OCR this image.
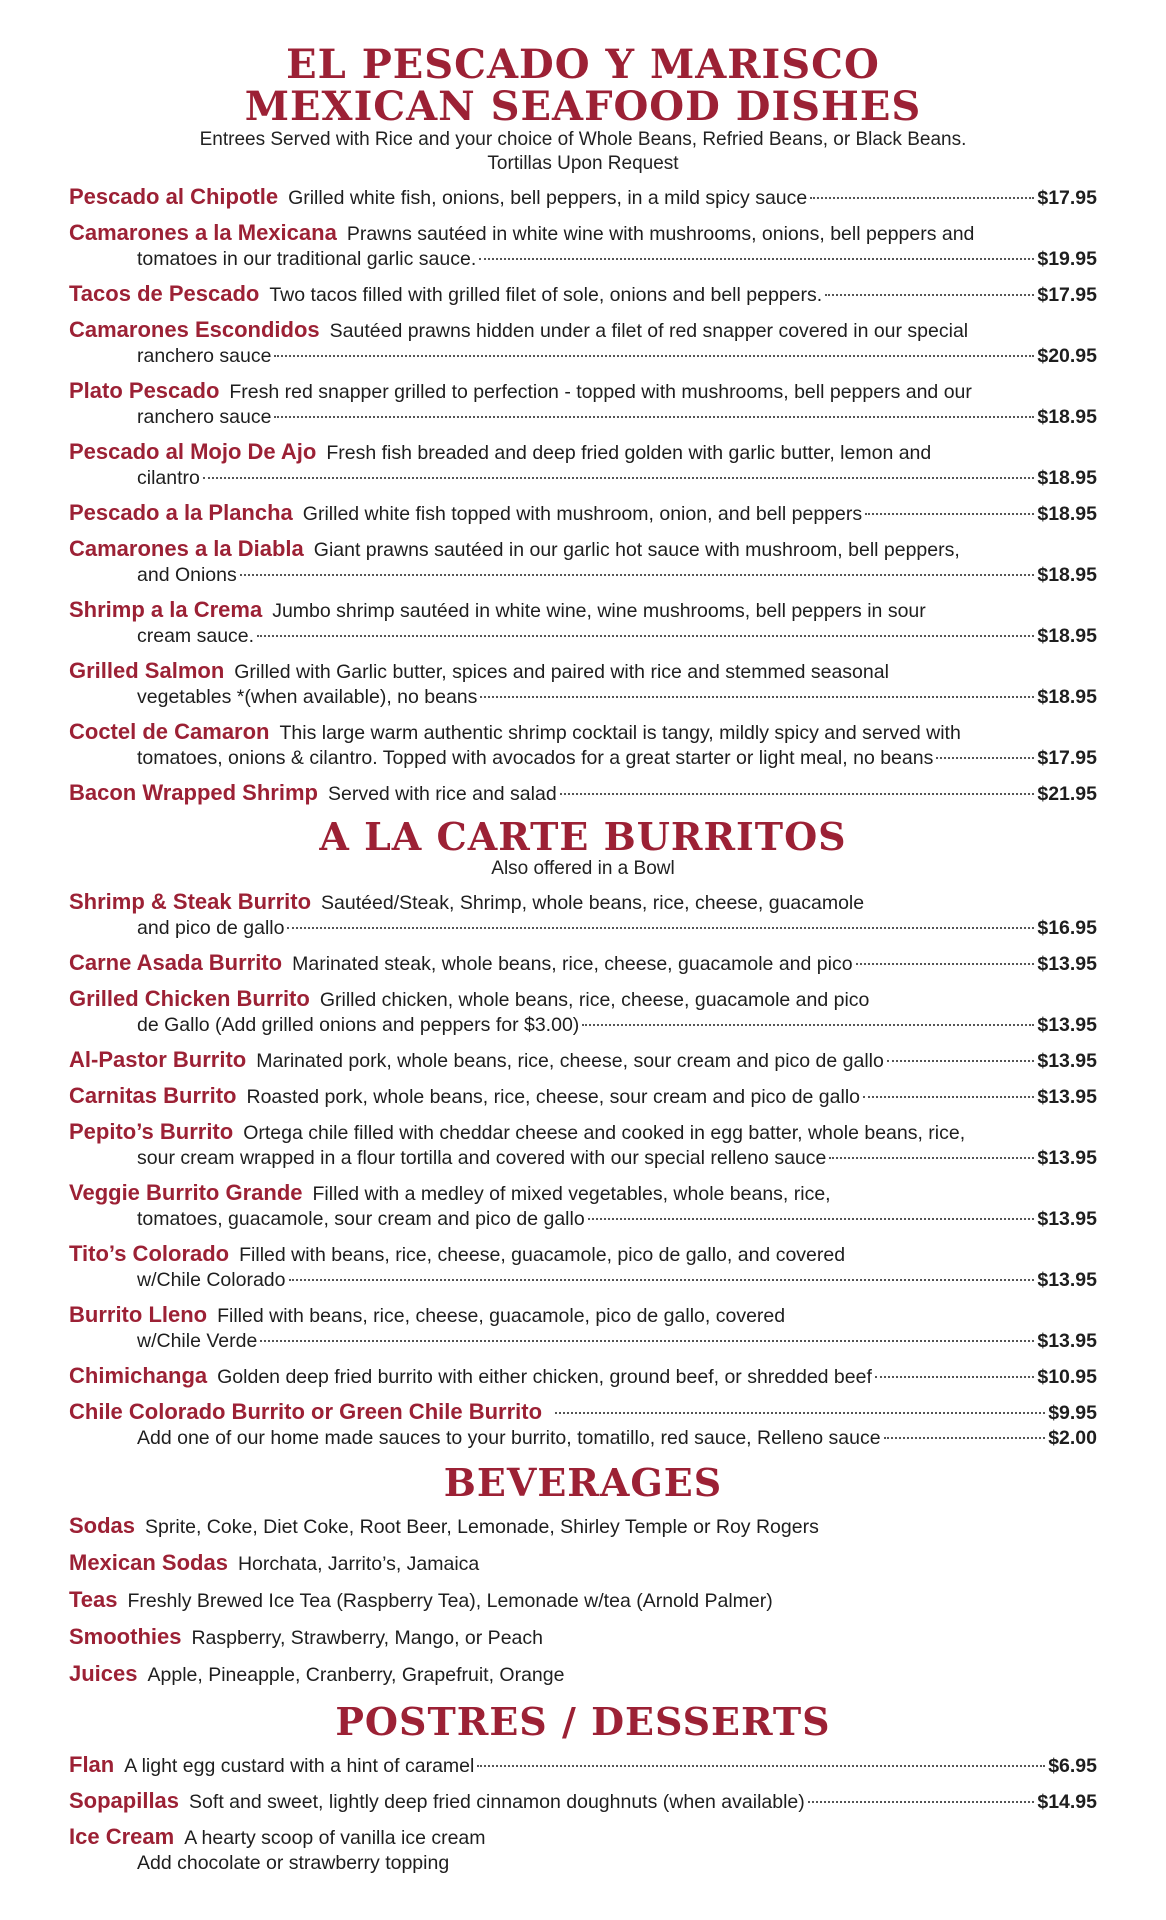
EL PESCADO Y MARISCO
MEXICAN SEAFOOD DISHES
Entrees Served with Rice and your choice of Whole Beans, Refried Beans, or Black Beans.
Tortillas Upon Request
Pescado al Chipotle Grilled white fish, onions, bell peppers, in a mild spicy sauce	$17.95
Camarones a la Mexicana Prawns sautéed in white wine with mushrooms, onions, bell peppers and
tomatoes in our traditional garlic sauce.	$19.95
Tacos de Pescado Two tacos filled with grilled filet of sole, onions and bell peppers.	$17.95
Camarones Escondidos Sautéed prawns hidden under a filet of red snapper covered in our special
ranchero sauce	$20.95
Plato Pescado Fresh red snapper grilled to perfection - topped with mushrooms, bell peppers and our
ranchero sauce	$18.95
Pescado al Mojo De Ajo Fresh fish breaded and deep fried golden with garlic butter, lemon and
cilantro	$18.95
Pescado a la Plancha Grilled white fish topped with mushroom, onion, and bell peppers	$18.95
Camarones a la Diabla Giant prawns sautéed in our garlic hot sauce with mushroom, bell peppers,
and Onions	$18.95
Shrimp a la Crema Jumbo shrimp sautéed in white wine, wine mushrooms, bell peppers in sour
cream sauce.	$18.95
Grilled Salmon Grilled with Garlic butter, spices and paired with rice and stemmed seasonal
vegetables *(when available), no beans	$18.95
Coctel de Camaron This large warm authentic shrimp cocktail is tangy, mildly spicy and served with
tomatoes, onions & cilantro. Topped with avocados for a great starter or light meal, no beans	$17.95
Bacon Wrapped Shrimp Served with rice and salad	$21.95
A LA CARTE BURRITOS
Also offered in a Bowl
Shrimp & Steak Burrito Sautéed/Steak, Shrimp, whole beans, rice, cheese, guacamole
and pico de gallo	$16.95
Carne Asada Burrito Marinated steak, whole beans, rice, cheese, guacamole and pico	$13.95
Grilled Chicken Burrito Grilled chicken, whole beans, rice, cheese, guacamole and pico
de Gallo (Add grilled onions and peppers for $3.00)	$13.95
Al-Pastor Burrito Marinated pork, whole beans, rice, cheese, sour cream and pico de gallo	$13.95
Carnitas Burrito Roasted pork, whole beans, rice, cheese, sour cream and pico de gallo	$13.95
Pepito’s Burrito Ortega chile filled with cheddar cheese and cooked in egg batter, whole beans, rice,
sour cream wrapped in a flour tortilla and covered with our special relleno sauce	$13.95
Veggie Burrito Grande Filled with a medley of mixed vegetables, whole beans, rice,
tomatoes, guacamole, sour cream and pico de gallo	$13.95
Tito’s Colorado Filled with beans, rice, cheese, guacamole, pico de gallo, and covered
w/Chile Colorado	$13.95
Burrito Lleno Filled with beans, rice, cheese, guacamole, pico de gallo, covered
w/Chile Verde	$13.95
Chimichanga Golden deep fried burrito with either chicken, ground beef, or shredded beef	$10.95
Chile Colorado Burrito or Green Chile Burrito	$9.95
Add one of our home made sauces to your burrito, tomatillo, red sauce, Relleno sauce	$2.00
BEVERAGES
Sodas Sprite, Coke, Diet Coke, Root Beer, Lemonade, Shirley Temple or Roy Rogers
Mexican Sodas Horchata, Jarrito’s, Jamaica
Teas Freshly Brewed Ice Tea (Raspberry Tea), Lemonade w/tea (Arnold Palmer)
Smoothies Raspberry, Strawberry, Mango, or Peach
Juices Apple, Pineapple, Cranberry, Grapefruit, Orange
POSTRES / DESSERTS
Flan A light egg custard with a hint of caramel	$6.95
Sopapillas Soft and sweet, lightly deep fried cinnamon doughnuts (when available)	$14.95
Ice Cream A hearty scoop of vanilla ice cream
Add chocolate or strawberry topping
